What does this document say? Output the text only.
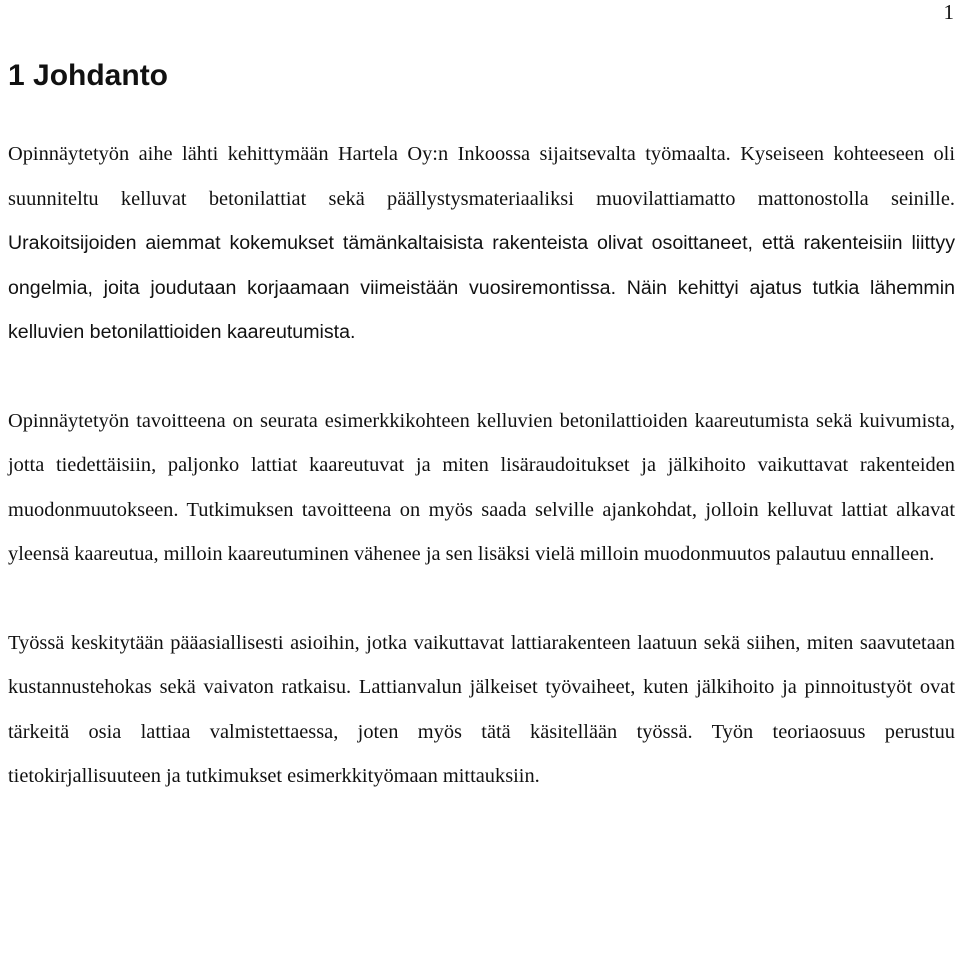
1
1 Johdanto

Opinnäytetyön aihe lähti kehittymään Hartela Oy:n Inkoossa sijaitsevalta työmaalta. Kyseiseen kohteeseen oli suunniteltu kelluvat betonilattiat sekä päällystysmateriaaliksi muovilattiamatto mattonostolla seinille. Urakoitsijoiden aiemmat kokemukset tämänkaltaisista rakenteista olivat osoittaneet, että rakenteisiin liittyy ongelmia, joita joudutaan korjaamaan viimeistään vuosiremontissa. Näin kehittyi ajatus tutkia lähemmin kelluvien betonilattioiden kaareutumista.

Opinnäytetyön tavoitteena on seurata esimerkkikohteen kelluvien betonilattioiden kaareutumista sekä kuivumista, jotta tiedettäisiin, paljonko lattiat kaareutuvat ja miten lisäraudoitukset ja jälkihoito vaikuttavat rakenteiden muodonmuutokseen. Tutkimuksen tavoitteena on myös saada selville ajankohdat, jolloin kelluvat lattiat alkavat yleensä kaareutua, milloin kaareutuminen vähenee ja sen lisäksi vielä milloin muodonmuutos palautuu ennalleen.

Työssä keskitytään pääasiallisesti asioihin, jotka vaikuttavat lattiarakenteen laatuun sekä siihen, miten saavutetaan kustannustehokas sekä vaivaton ratkaisu. Lattianvalun jälkeiset työvaiheet, kuten jälkihoito ja pinnoitustyöt ovat tärkeitä osia lattiaa valmistettaessa, joten myös tätä käsitellään työssä. Työn teoriaosuus perustuu tietokirjallisuuteen ja tutkimukset esimerkkityömaan mittauksiin.
